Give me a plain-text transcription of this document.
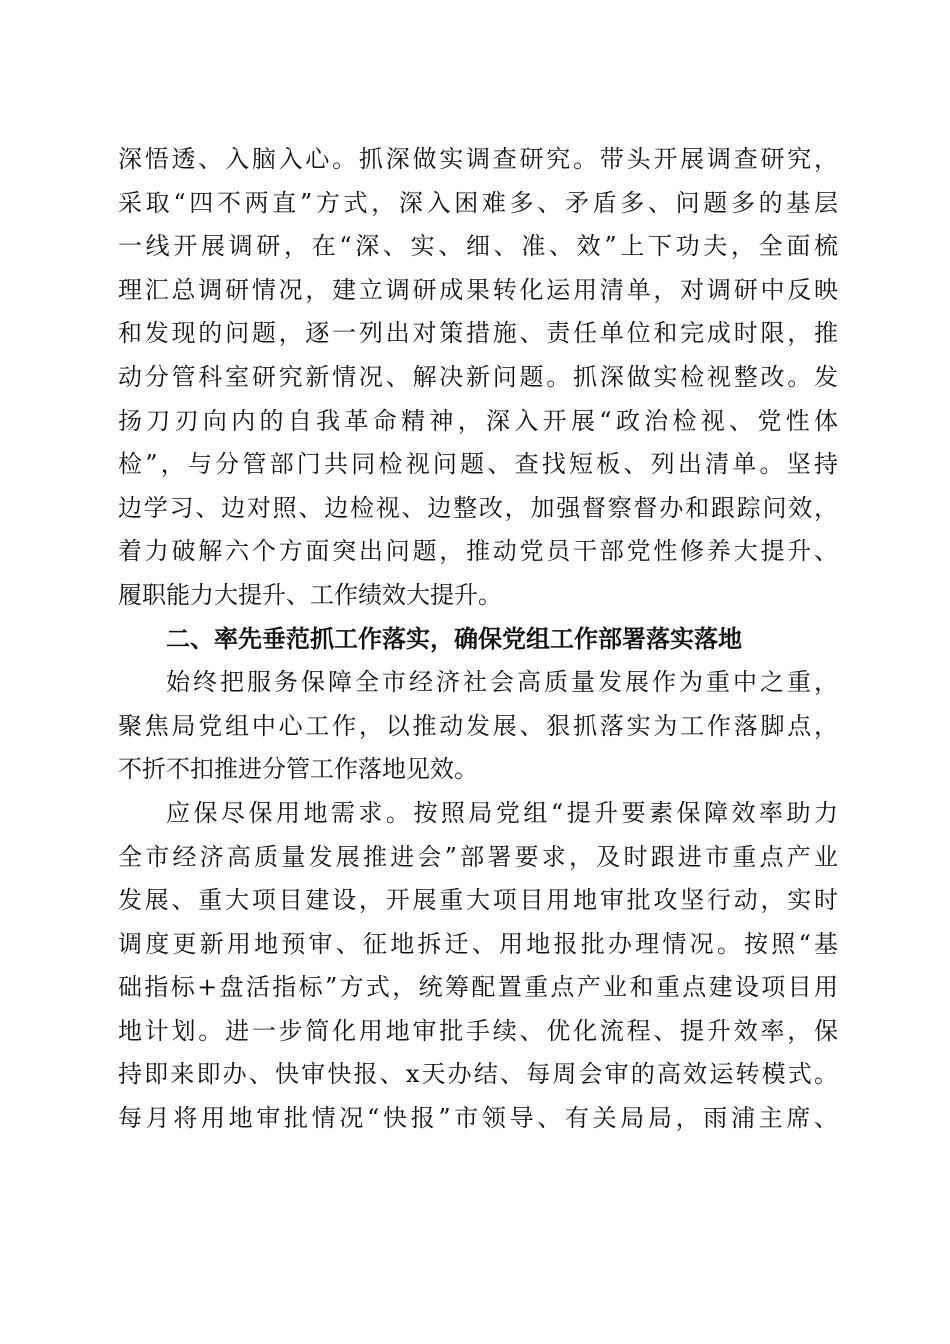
深悟透、入脑入心。抓深做实调查研究。带头开展调查研究，
采取“四不两直”方式，深入困难多、矛盾多、问题多的基层
一线开展调研，在“深、实、细、准、效”上下功夫，全面梳
理汇总调研情况，建立调研成果转化运用清单，对调研中反映
和发现的问题，逐一列出对策措施、责任单位和完成时限，推
动分管科室研究新情况、解决新问题。抓深做实检视整改。发
扬刀刃向内的自我革命精神，深入开展“政治检视、党性体
检”，与分管部门共同检视问题、查找短板、列出清单。坚持
边学习、边对照、边检视、边整改，加强督察督办和跟踪问效，
着力破解六个方面突出问题，推动党员干部党性修养大提升、
履职能力大提升、工作绩效大提升。
二、率先垂范抓工作落实，确保党组工作部署落实落地
始终把服务保障全市经济社会高质量发展作为重中之重，
聚焦局党组中心工作，以推动发展、狠抓落实为工作落脚点，
不折不扣推进分管工作落地见效。
应保尽保用地需求。按照局党组“提升要素保障效率助力
全市经济高质量发展推进会”部署要求，及时跟进市重点产业
发展、重大项目建设，开展重大项目用地审批攻坚行动，实时
调度更新用地预审、征地拆迁、用地报批办理情况。按照“基
础指标+盘活指标”方式，统筹配置重点产业和重点建设项目用
地计划。进一步简化用地审批手续、优化流程、提升效率，保
持即来即办、快审快报、x天办结、每周会审的高效运转模式。
每月将用地审批情况“快报”市领导、有关局局，雨浦主席、
